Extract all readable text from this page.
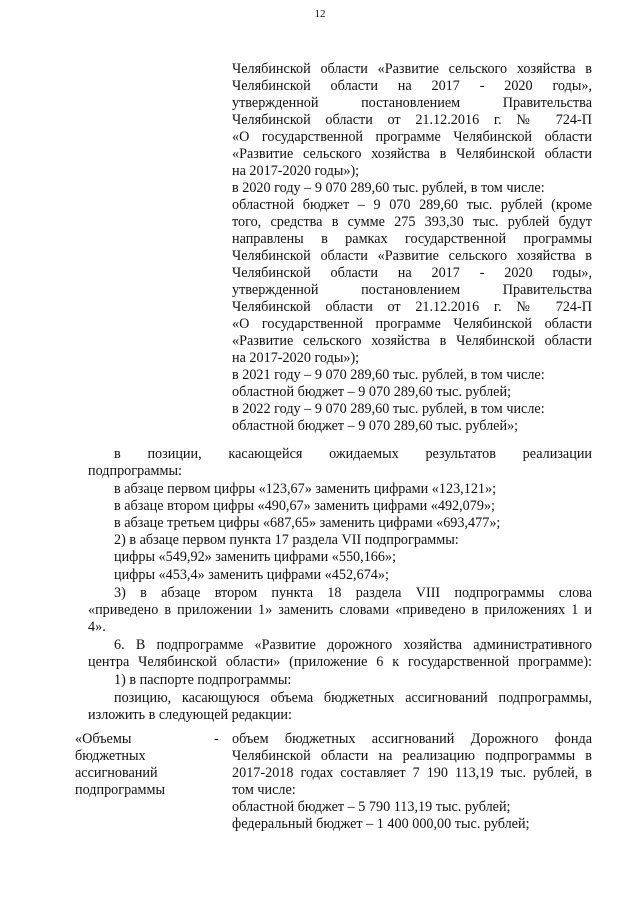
12
Челябинской области «Развитие сельского хозяйства в
Челябинской области на 2017 - 2020 годы»,
утвержденной постановлением Правительства
Челябинской области от 21.12.2016 г. № 724-П
«О государственной программе Челябинской области
«Развитие сельского хозяйства в Челябинской области
на 2017-2020 годы»);
в 2020 году – 9 070 289,60 тыс. рублей, в том числе:
областной бюджет – 9 070 289,60 тыс. рублей (кроме
того, средства в сумме 275 393,30 тыс. рублей будут
направлены в рамках государственной программы
Челябинской области «Развитие сельского хозяйства в
Челябинской области на 2017 - 2020 годы»,
утвержденной постановлением Правительства
Челябинской области от 21.12.2016 г. № 724-П
«О государственной программе Челябинской области
«Развитие сельского хозяйства в Челябинской области
на 2017-2020 годы»);
в 2021 году – 9 070 289,60 тыс. рублей, в том числе:
областной бюджет – 9 070 289,60 тыс. рублей;
в 2022 году – 9 070 289,60 тыс. рублей, в том числе:
областной бюджет – 9 070 289,60 тыс. рублей»;
в позиции, касающейся ожидаемых результатов реализации
подпрограммы:
в абзаце первом цифры «123,67» заменить цифрами «123,121»;
в абзаце втором цифры «490,67» заменить цифрами «492,079»;
в абзаце третьем цифры «687,65» заменить цифрами «693,477»;
2) в абзаце первом пункта 17 раздела VII подпрограммы:
цифры «549,92» заменить цифрами «550,166»;
цифры «453,4» заменить цифрами «452,674»;
3) в абзаце втором пункта 18 раздела VIII подпрограммы слова
«приведено в приложении 1» заменить словами «приведено в приложениях 1 и
4».
6. В подпрограмме «Развитие дорожного хозяйства административного
центра Челябинской области» (приложение 6 к государственной программе):
1) в паспорте подпрограммы:
позицию, касающуюся объема бюджетных ассигнований подпрограммы,
изложить в следующей редакции:
«Объемы
бюджетных
ассигнований
подпрограммы
- объем бюджетных ассигнований Дорожного фонда
Челябинской области на реализацию подпрограммы в
2017-2018 годах составляет 7 190 113,19 тыс. рублей, в
том числе:
областной бюджет – 5 790 113,19 тыс. рублей;
федеральный бюджет – 1 400 000,00 тыс. рублей;
